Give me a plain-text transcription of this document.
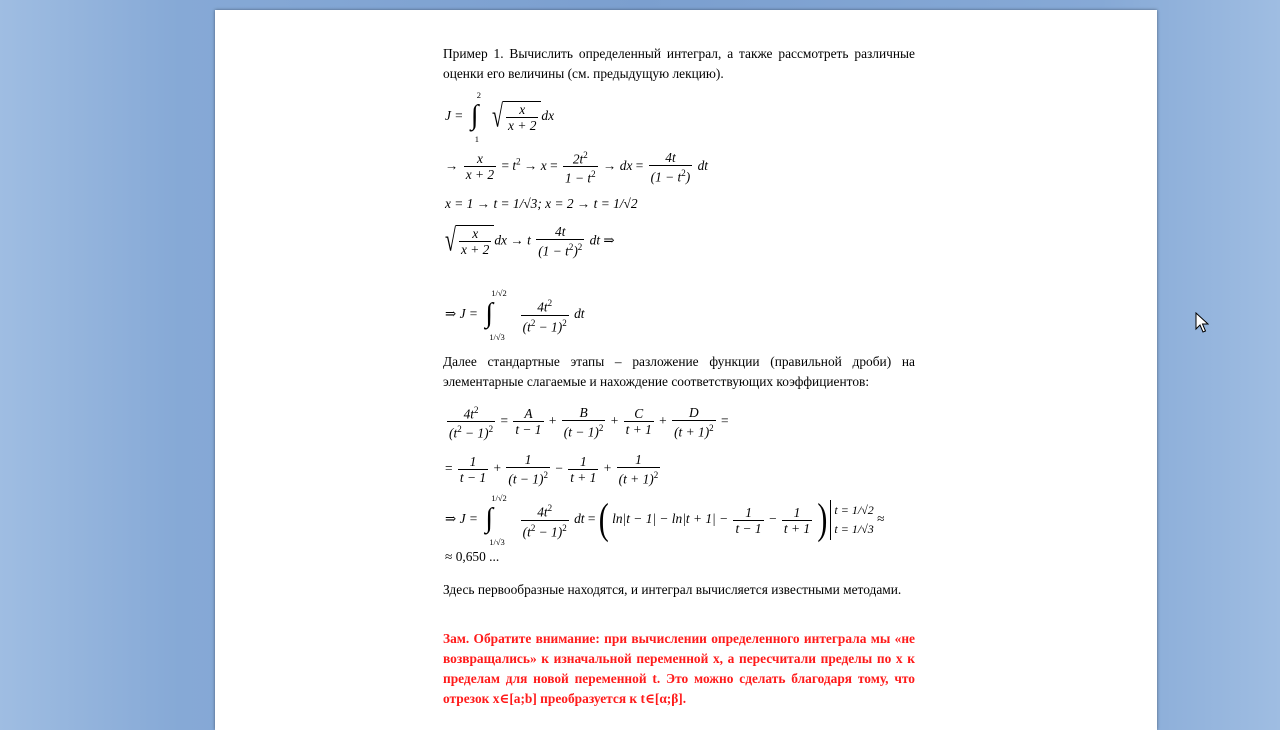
Пример 1. Вычислить определенный интеграл, а также рассмотреть различные оценки его величины (см. предыдущую лекцию).

J = ∫
2
1
√ $\frac{x}{x + 2}$ dx
→ $\frac{x}{x + 2} = t^2 \to x = \frac{2t^2}{1 - t^2}$ → dx = $\frac{4t}{(1 - t^2)}$ dt
x = 1 → t = 1/√3; x = 2 → t = 1/√2
√ $\frac{x}{x + 2}$ dx → t $\frac{4t}{(1 - t^2)^2}$ dt ⇒
⇒ J = ∫
1/√2
1/√3

$\frac{4t^2}{(t^2 - 1)^2}$ dt

Далее стандартные этапы – разложение функции (правильной дроби) на элементарные слагаемые и нахождение соответствующих коэффициентов:

$\frac{4t^2}{(t^2 - 1)^2} = \frac{A}{t - 1} + \frac{B}{(t - 1)^2} + \frac{C}{t + 1} + \frac{D}{(t + 1)^2}$ =
= $\frac{1}{t - 1} + \frac{1}{(t - 1)^2} - \frac{1}{t + 1} + \frac{1}{(t + 1)^2}$
⇒ J = ∫
1/√2
1/√3

$\frac{4t^2}{(t^2 - 1)^2}$ dt = ( $\ln|t - 1| - \ln|t + 1| - \frac{1}{t - 1} - \frac{1}{t + 1}$ ) t = 1/√2
t = 1/√3 ≈
≈ 0,650 ...

Здесь первообразные находятся, и интеграл вычисляется известными методами.

Зам. Обратите внимание: при вычислении определенного интеграла мы «не возвращались» к изначальной переменной x, а пересчитали пределы по x к пределам для новой переменной t. Это можно сделать благодаря тому, что отрезок x∈[a;b] преобразуется к t∈[α;β].
